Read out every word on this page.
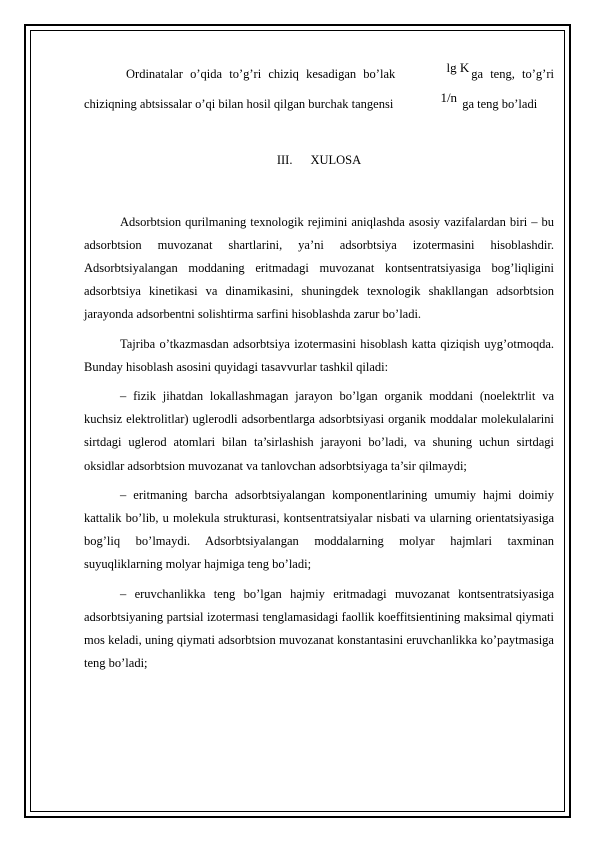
Ordinatalar o’qida to’g’ri chiziq kesadigan bo’lak	lg K ga teng, to’g’ri chiziqning abtsissalar o’qi bilan hosil qilgan burchak tangensi	1/n ga teng bo’ladi

III. XULOSA

Adsorbtsion qurilmaning texnologik rejimini aniqlashda asosiy vazifalardan biri – bu adsorbtsion muvozanat shartlarini, ya’ni adsorbtsiya izotermasini hisoblashdir. Adsorbtsiyalangan moddaning eritmadagi muvozanat kontsentratsiyasiga bog’liqligini adsorbtsiya kinetikasi va dinamikasini, shuningdek texnologik shakllangan adsorbtsion jarayonda adsorbentni solishtirma sarfini hisoblashda zarur bo’ladi.

Tajriba o’tkazmasdan adsorbtsiya izotermasini hisoblash katta qiziqish uyg’otmoqda. Bunday hisoblash asosini quyidagi tasavvurlar tashkil qiladi:

– fizik jihatdan lokallashmagan jarayon bo’lgan organik moddani (noelektrlit va kuchsiz elektrolitlar) uglerodli adsorbentlarga adsorbtsiyasi organik moddalar molekulalarini sirtdagi uglerod atomlari bilan ta’sirlashish jarayoni bo’ladi, va shuning uchun sirtdagi oksidlar adsorbtsion muvozanat va tanlovchan adsorbtsiyaga ta’sir qilmaydi;

– eritmaning barcha adsorbtsiyalangan komponentlarining umumiy hajmi doimiy kattalik bo’lib, u molekula strukturasi, kontsentratsiyalar nisbati va ularning orientatsiyasiga bog’liq bo’lmaydi. Adsorbtsiyalangan moddalarning molyar hajmlari taxminan suyuqliklarning molyar hajmiga teng bo’ladi;

– eruvchanlikka teng bo’lgan hajmiy eritmadagi muvozanat kontsentratsiyasiga adsorbtsiyaning partsial izotermasi tenglamasidagi faollik koeffitsientining maksimal qiymati mos keladi, uning qiymati adsorbtsion muvozanat konstantasini eruvchanlikka ko’paytmasiga teng bo’ladi;
